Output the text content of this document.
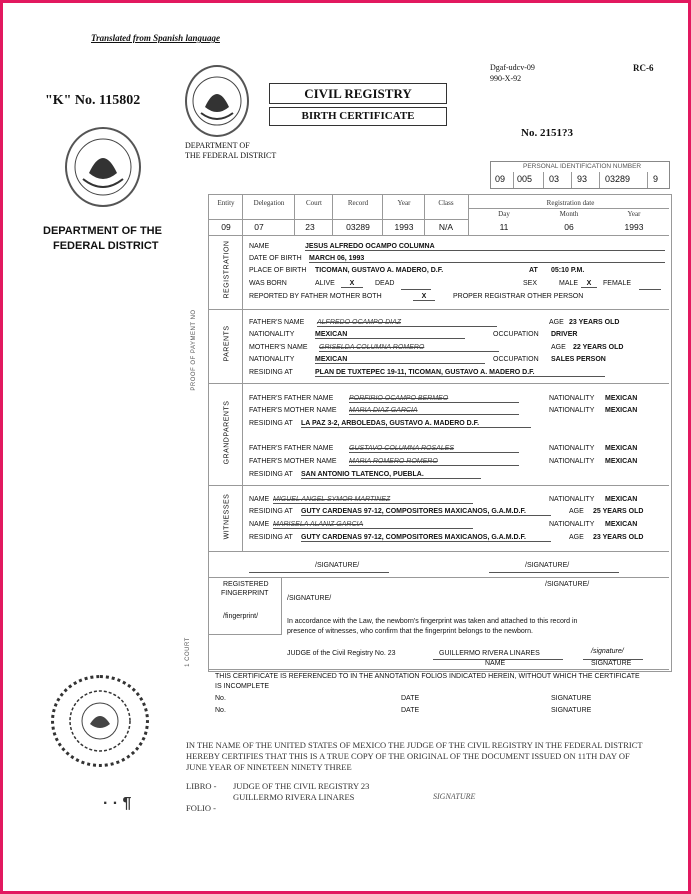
Translated from Spanish language
"K" No. 115802
DEPARTMENT OF
THE FEDERAL DISTRICT
CIVIL REGISTRY
BIRTH CERTIFICATE
Dgaf-udcv-09
990-X-92
RC-6
No. 2151?3
DEPARTMENT OF THE
FEDERAL DISTRICT
PERSONAL IDENTIFICATION NUMBER
09 005 03 93 03289	9
Entity	Delegation	Court	Record	Year	Class	Registration date
Day	Month	Year
09	07	23	03289	1993	N/A	11	06	1993
REGISTRATION
PARENTS
GRANDPARENTS
WITNESSES
PROOF OF PAYMENT NO
1 COURT
NAME	JESUS ALFREDO OCAMPO COLUMNA
DATE OF BIRTH MARCH 06, 1993
PLACE OF BIRTH TICOMAN, GUSTAVO A. MADERO, D.F.	AT 05:10 P.M.
WAS BORN	ALIVE	X	DEAD	SEX	MALE	X	FEMALE
REPORTED BY FATHER MOTHER BOTH	X	PROPER REGISTRAR OTHER PERSON
FATHER'S NAME ALFREDO OCAMPO DIAZ	AGE 23 YEARS OLD
NATIONALITY	MEXICAN	OCCUPATION DRIVER
MOTHER'S NAME GRISELDA COLUMNA ROMERO	AGE 22 YEARS OLD
NATIONALITY	MEXICAN	OCCUPATION SALES PERSON
RESIDING AT	PLAN DE TUXTEPEC 19-11, TICOMAN, GUSTAVO A. MADERO D.F.
FATHER'S FATHER NAME PORFIRIO OCAMPO BERMEO	NATIONALITY MEXICAN
FATHER'S MOTHER NAME MARIA DIAZ GARCIA	NATIONALITY MEXICAN
RESIDING AT LA PAZ 3-2, ARBOLEDAS, GUSTAVO A. MADERO D.F.
FATHER'S FATHER NAME GUSTAVO COLUMNA ROSALES	NATIONALITY MEXICAN
FATHER'S MOTHER NAME MARIA ROMERO ROMERO	NATIONALITY MEXICAN
RESIDING AT SAN ANTONIO TLATENCO, PUEBLA.
NAME MIGUEL ANGEL SYMOR MARTINEZ	NATIONALITY MEXICAN
RESIDING AT GUTY CARDENAS 97-12, COMPOSITORES MAXICANOS, G.A.M.D.F.	AGE 25 YEARS OLD
NAME MARISELA ALANIZ GARCIA	NATIONALITY MEXICAN
RESIDING AT GUTY CARDENAS 97-12, COMPOSITORES MAXICANOS, G.A.M.D.F.	AGE 23 YEARS OLD
/SIGNATURE/	/SIGNATURE/
REGISTERED
FINGERPRINT
/fingerprint/
/SIGNATURE/
/SIGNATURE/
In accordance with the Law, the newborn's fingerprint was taken and attached to this record in
presence of witnesses, who confirm that the fingerprint belongs to the newborn.
JUDGE of the Civil Registry No. 23	GUILLERMO RIVERA LINARES	/signature/
NAME	SIGNATURE
THIS CERTIFICATE IS REFERENCED TO IN THE ANNOTATION FOLIOS INDICATED HEREIN, WITHOUT WHICH THE CERTIFICATE
IS INCOMPLETE
No.	DATE	SIGNATURE
No.	DATE	SIGNATURE
· · ¶
IN THE NAME OF THE UNITED STATES OF MEXICO THE JUDGE OF THE CIVIL REGISTRY IN THE FEDERAL DISTRICT
HEREBY CERTIFIES THAT THIS IS A TRUE COPY OF THE ORIGINAL OF THE DOCUMENT ISSUED ON 11TH DAY OF
JUNE YEAR OF NINETEEN NINETY THREE
LIBRO - JUDGE OF THE CIVIL REGISTRY 23
GUILLERMO RIVERA LINARES	SIGNATURE
FOLIO -
